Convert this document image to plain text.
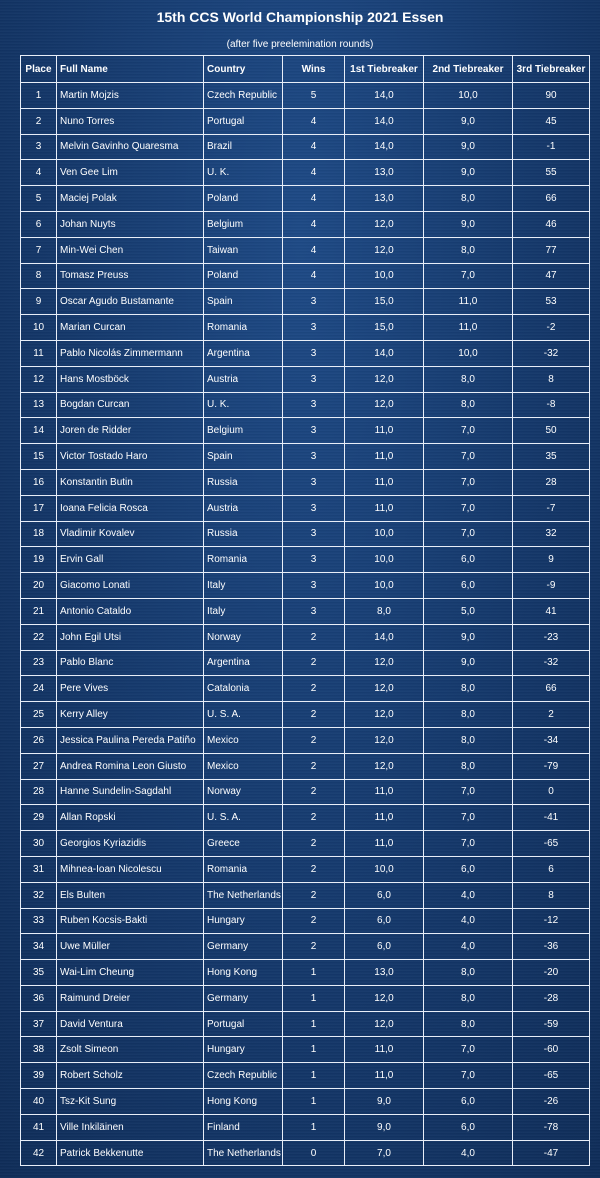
15th CCS World Championship 2021 Essen
(after five preelemination rounds)
Place	Full Name	Country	Wins	1st Tiebreaker	2nd Tiebreaker	3rd Tiebreaker
1	Martin Mojzis	Czech Republic	5	14,0	10,0	90
2	Nuno Torres	Portugal	4	14,0	9,0	45
3	Melvin Gavinho Quaresma	Brazil	4	14,0	9,0	-1
4	Ven Gee Lim	U. K.	4	13,0	9,0	55
5	Maciej Polak	Poland	4	13,0	8,0	66
6	Johan Nuyts	Belgium	4	12,0	9,0	46
7	Min-Wei Chen	Taiwan	4	12,0	8,0	77
8	Tomasz Preuss	Poland	4	10,0	7,0	47
9	Oscar Agudo Bustamante	Spain	3	15,0	11,0	53
10	Marian Curcan	Romania	3	15,0	11,0	-2
11	Pablo Nicolás Zimmermann	Argentina	3	14,0	10,0	-32
12	Hans Mostböck	Austria	3	12,0	8,0	8
13	Bogdan Curcan	U. K.	3	12,0	8,0	-8
14	Joren de Ridder	Belgium	3	11,0	7,0	50
15	Victor Tostado Haro	Spain	3	11,0	7,0	35
16	Konstantin Butin	Russia	3	11,0	7,0	28
17	Ioana Felicia Rosca	Austria	3	11,0	7,0	-7
18	Vladimir Kovalev	Russia	3	10,0	7,0	32
19	Ervin Gall	Romania	3	10,0	6,0	9
20	Giacomo Lonati	Italy	3	10,0	6,0	-9
21	Antonio Cataldo	Italy	3	8,0	5,0	41
22	John Egil Utsi	Norway	2	14,0	9,0	-23
23	Pablo Blanc	Argentina	2	12,0	9,0	-32
24	Pere Vives	Catalonia	2	12,0	8,0	66
25	Kerry Alley	U. S. A.	2	12,0	8,0	2
26	Jessica Paulina Pereda Patiño	Mexico	2	12,0	8,0	-34
27	Andrea Romina Leon Giusto	Mexico	2	12,0	8,0	-79
28	Hanne Sundelin-Sagdahl	Norway	2	11,0	7,0	0
29	Allan Ropski	U. S. A.	2	11,0	7,0	-41
30	Georgios Kyriazidis	Greece	2	11,0	7,0	-65
31	Mihnea-Ioan Nicolescu	Romania	2	10,0	6,0	6
32	Els Bulten	The Netherlands	2	6,0	4,0	8
33	Ruben Kocsis-Bakti	Hungary	2	6,0	4,0	-12
34	Uwe Müller	Germany	2	6,0	4,0	-36
35	Wai-Lim Cheung	Hong Kong	1	13,0	8,0	-20
36	Raimund Dreier	Germany	1	12,0	8,0	-28
37	David Ventura	Portugal	1	12,0	8,0	-59
38	Zsolt Simeon	Hungary	1	11,0	7,0	-60
39	Robert Scholz	Czech Republic	1	11,0	7,0	-65
40	Tsz-Kit Sung	Hong Kong	1	9,0	6,0	-26
41	Ville Inkiläinen	Finland	1	9,0	6,0	-78
42	Patrick Bekkenutte	The Netherlands	0	7,0	4,0	-47
